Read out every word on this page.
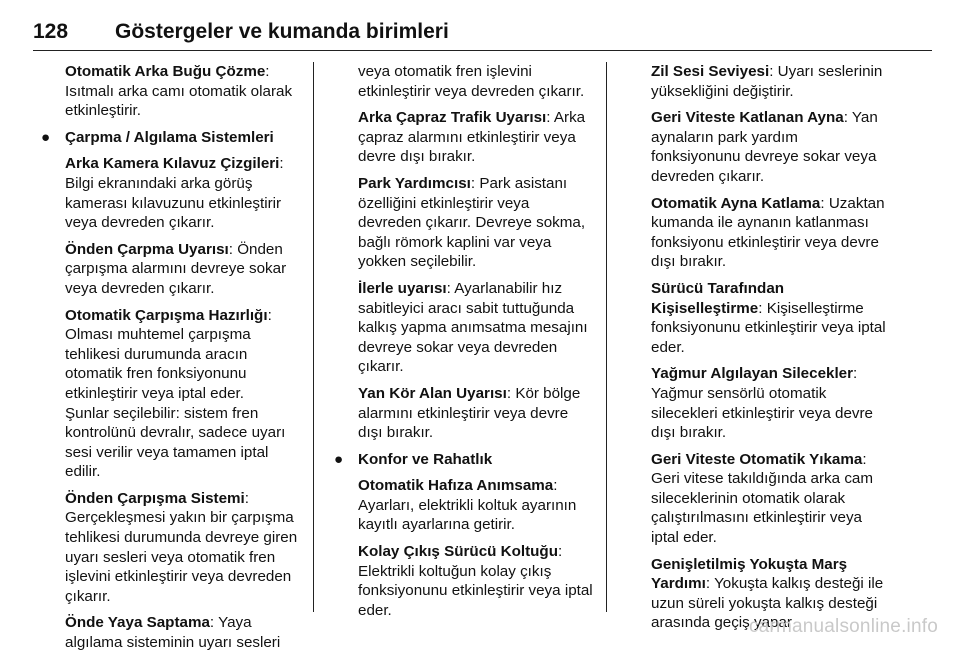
128 Göstergeler ve kumanda birimleri

Otomatik Arka Buğu Çözme: Isıtmalı arka camı otomatik olarak etkinleştirir.

● Çarpma / Algılama Sistemleri

Arka Kamera Kılavuz Çizgileri: Bilgi ekranındaki arka görüş kamerası kılavuzunu etkinleştirir veya devreden çıkarır.

Önden Çarpma Uyarısı: Önden çarpışma alarmını devreye sokar veya devreden çıkarır.

Otomatik Çarpışma Hazırlığı: Olması muhtemel çarpışma tehlikesi durumunda aracın otomatik fren fonksiyonunu etkinleştirir veya iptal eder.

Şunlar seçilebilir: sistem fren kontrolünü devralır, sadece uyarı sesi verilir veya tamamen iptal edilir.

Önden Çarpışma Sistemi: Gerçekleşmesi yakın bir çarpışma tehlikesi durumunda devreye giren uyarı sesleri veya otomatik fren işlevini etkinleştirir veya devreden çıkarır.

Önde Yaya Saptama: Yaya algılama sisteminin uyarı sesleri

veya otomatik fren işlevini etkinleştirir veya devreden çıkarır.

Arka Çapraz Trafik Uyarısı: Arka çapraz alarmını etkinleştirir veya devre dışı bırakır.

Park Yardımcısı: Park asistanı özelliğini etkinleştirir veya devreden çıkarır. Devreye sokma, bağlı römork kaplini var veya yokken seçilebilir.

İlerle uyarısı: Ayarlanabilir hız sabitleyici aracı sabit tuttuğunda kalkış yapma anımsatma mesajını devreye sokar veya devreden çıkarır.

Yan Kör Alan Uyarısı: Kör bölge alarmını etkinleştirir veya devre dışı bırakır.

● Konfor ve Rahatlık

Otomatik Hafıza Anımsama: Ayarları, elektrikli koltuk ayarının kayıtlı ayarlarına getirir.

Kolay Çıkış Sürücü Koltuğu: Elektrikli koltuğun kolay çıkış fonksiyonunu etkinleştirir veya iptal eder.

Zil Sesi Seviyesi: Uyarı seslerinin yüksekliğini değiştirir.

Geri Viteste Katlanan Ayna: Yan aynaların park yardım fonksiyonunu devreye sokar veya devreden çıkarır.

Otomatik Ayna Katlama: Uzaktan kumanda ile aynanın katlanması fonksiyonu etkinleştirir veya devre dışı bırakır.

Sürücü Tarafından Kişiselleştirme: Kişiselleştirme fonksiyonunu etkinleştirir veya iptal eder.

Yağmur Algılayan Silecekler: Yağmur sensörlü otomatik silecekleri etkinleştirir veya devre dışı bırakır.

Geri Viteste Otomatik Yıkama: Geri vitese takıldığında arka cam sileceklerinin otomatik olarak çalıştırılmasını etkinleştirir veya iptal eder.

Genişletilmiş Yokuşta Marş Yardımı: Yokuşta kalkış desteği ile uzun süreli yokuşta kalkış desteği arasında geçiş yapar

carmanualsonline.info
